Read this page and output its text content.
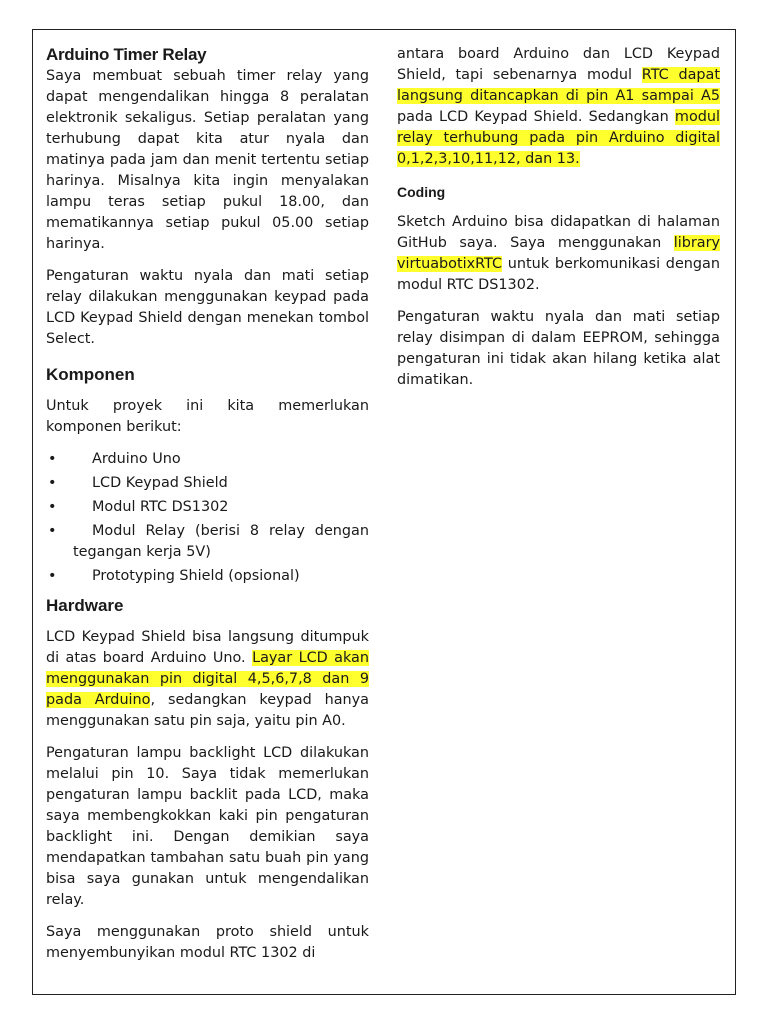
Arduino Timer Relay

Saya membuat sebuah timer relay yang dapat mengendalikan hingga 8 peralatan elektronik sekaligus. Setiap peralatan yang terhubung dapat kita atur nyala dan matinya pada jam dan menit tertentu setiap harinya. Misalnya kita ingin menyalakan lampu teras setiap pukul 18.00, dan mematikannya setiap pukul 05.00 setiap harinya.

Pengaturan waktu nyala dan mati setiap relay dilakukan menggunakan keypad pada LCD Keypad Shield dengan menekan tombol Select.

Komponen

Untuk proyek ini kita memerlukan komponen berikut:

• Arduino Uno
• LCD Keypad Shield
• Modul RTC DS1302
•	Modul Relay (berisi 8 relay dengan tegangan kerja 5V)
• Prototyping Shield (opsional)
Hardware

LCD Keypad Shield bisa langsung ditumpuk di atas board Arduino Uno. Layar LCD akan menggunakan pin digital 4,5,6,7,8 dan 9 pada Arduino, sedangkan keypad hanya menggunakan satu pin saja, yaitu pin A0.

Pengaturan lampu backlight LCD dilakukan melalui pin 10. Saya tidak memerlukan pengaturan lampu backlit pada LCD, maka saya membengkokkan kaki pin pengaturan backlight ini. Dengan demikian saya mendapatkan tambahan satu buah pin yang bisa saya gunakan untuk mengendalikan relay.

Saya menggunakan proto shield untuk menyembunyikan modul RTC 1302 di

antara board Arduino dan LCD Keypad Shield, tapi sebenarnya modul RTC dapat langsung ditancapkan di pin A1 sampai A5 pada LCD Keypad Shield. Sedangkan modul relay terhubung pada pin Arduino digital 0,1,2,3,10,11,12, dan 13.

Coding

Sketch Arduino bisa didapatkan di halaman GitHub saya. Saya menggunakan library virtuabotixRTC untuk berkomunikasi dengan modul RTC DS1302.

Pengaturan waktu nyala dan mati setiap relay disimpan di dalam EEPROM, sehingga pengaturan ini tidak akan hilang ketika alat dimatikan.
